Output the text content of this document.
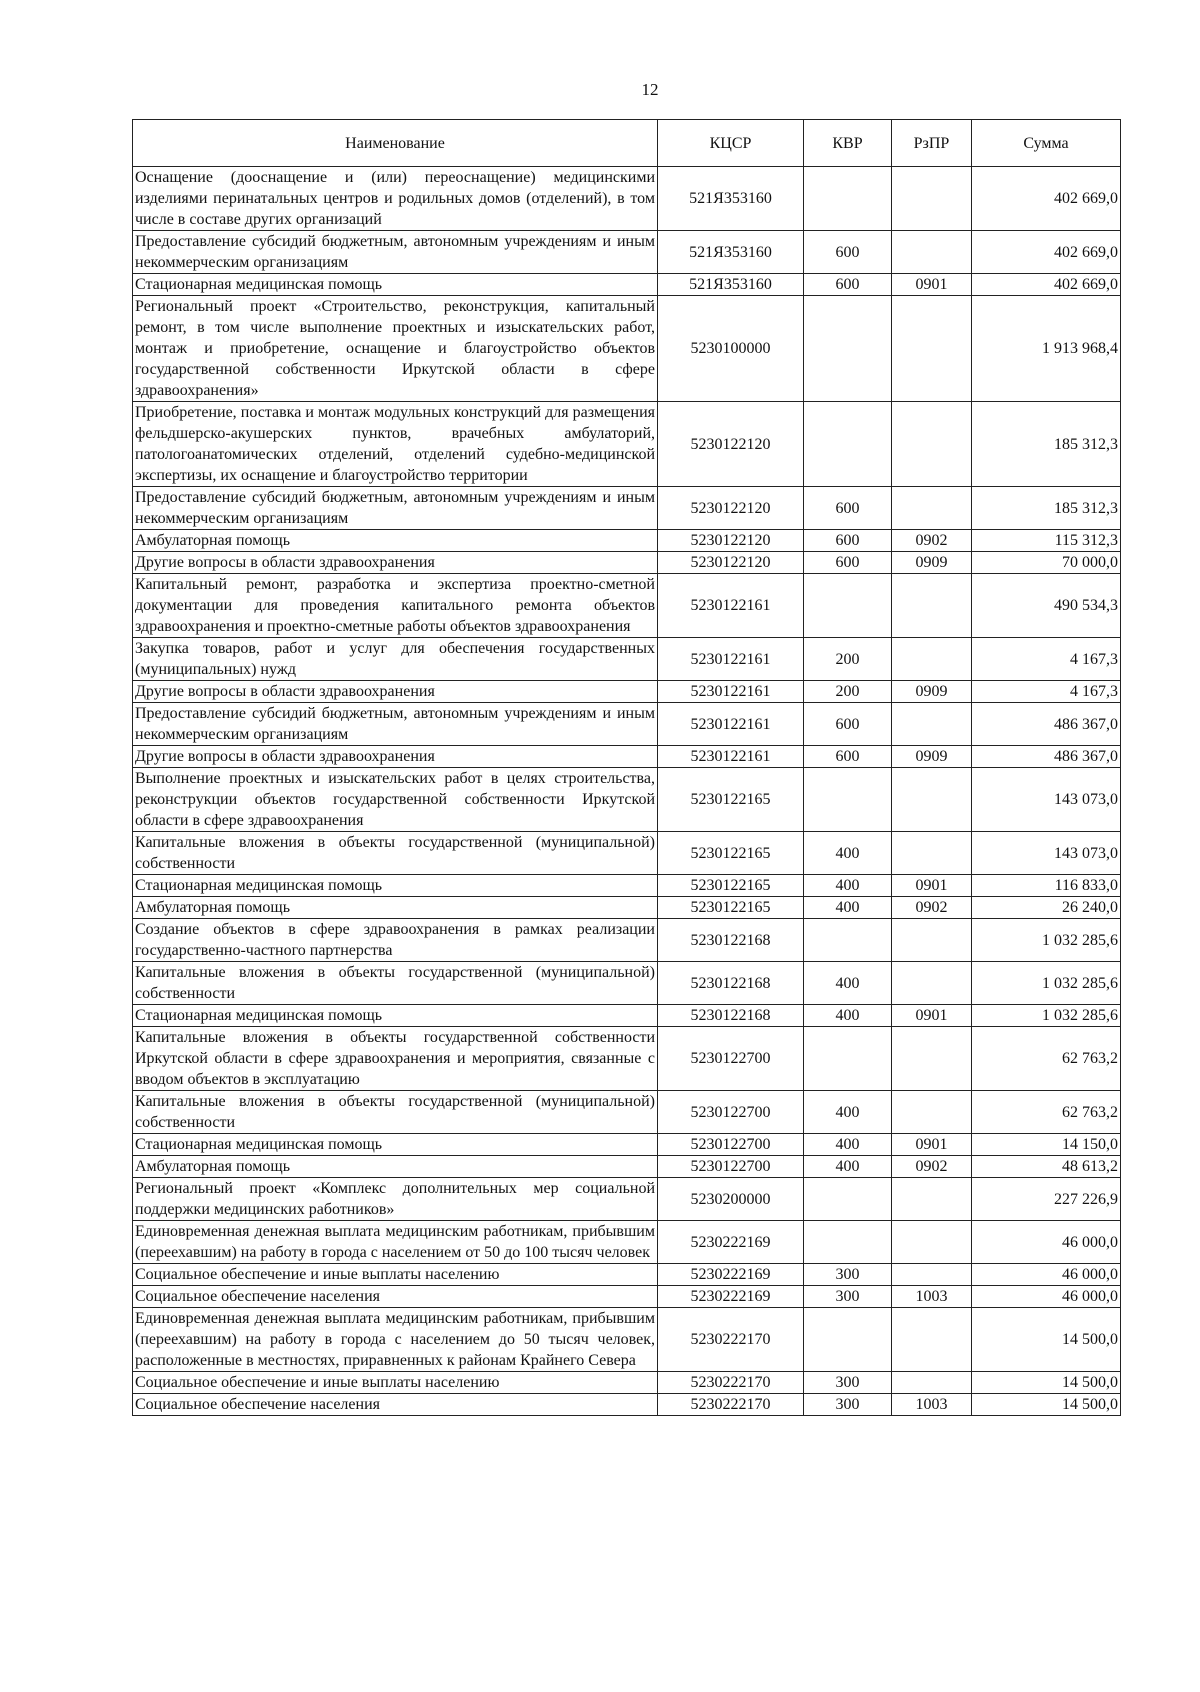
12
Наименование	КЦСР	КВР	РзПР	Сумма
Оснащение (дооснащение и (или) переоснащение) медицинскими изделиями перинатальных центров и родильных домов (отделений), в том числе в составе других организаций	521Я353160			402 669,0
Предоставление субсидий бюджетным, автономным учреждениям и иным некоммерческим организациям	521Я353160	600		402 669,0
Стационарная медицинская помощь	521Я353160	600	0901	402 669,0
Региональный проект «Строительство, реконструкция, капитальный ремонт, в том числе выполнение проектных и изыскательских работ, монтаж и приобретение, оснащение и благоустройство объектов государственной собственности Иркутской области в сфере здравоохранения»	5230100000			1 913 968,4
Приобретение, поставка и монтаж модульных конструкций для размещения фельдшерско-акушерских пунктов, врачебных амбулаторий, патологоанатомических отделений, отделений судебно-медицинской экспертизы, их оснащение и благоустройство территории	5230122120			185 312,3
Предоставление субсидий бюджетным, автономным учреждениям и иным некоммерческим организациям	5230122120	600		185 312,3
Амбулаторная помощь	5230122120	600	0902	115 312,3
Другие вопросы в области здравоохранения	5230122120	600	0909	70 000,0
Капитальный ремонт, разработка и экспертиза проектно-сметной документации для проведения капитального ремонта объектов здравоохранения и проектно-сметные работы объектов здравоохранения	5230122161			490 534,3
Закупка товаров, работ и услуг для обеспечения государственных (муниципальных) нужд	5230122161	200		4 167,3
Другие вопросы в области здравоохранения	5230122161	200	0909	4 167,3
Предоставление субсидий бюджетным, автономным учреждениям и иным некоммерческим организациям	5230122161	600		486 367,0
Другие вопросы в области здравоохранения	5230122161	600	0909	486 367,0
Выполнение проектных и изыскательских работ в целях строительства, реконструкции объектов государственной собственности Иркутской области в сфере здравоохранения	5230122165			143 073,0
Капитальные вложения в объекты государственной (муниципальной) собственности	5230122165	400		143 073,0
Стационарная медицинская помощь	5230122165	400	0901	116 833,0
Амбулаторная помощь	5230122165	400	0902	26 240,0
Создание объектов в сфере здравоохранения в рамках реализации государственно-частного партнерства	5230122168			1 032 285,6
Капитальные вложения в объекты государственной (муниципальной) собственности	5230122168	400		1 032 285,6
Стационарная медицинская помощь	5230122168	400	0901	1 032 285,6
Капитальные вложения в объекты государственной собственности Иркутской области в сфере здравоохранения и мероприятия, связанные с вводом объектов в эксплуатацию	5230122700			62 763,2
Капитальные вложения в объекты государственной (муниципальной) собственности	5230122700	400		62 763,2
Стационарная медицинская помощь	5230122700	400	0901	14 150,0
Амбулаторная помощь	5230122700	400	0902	48 613,2
Региональный проект «Комплекс дополнительных мер социальной поддержки медицинских работников»	5230200000			227 226,9
Единовременная денежная выплата медицинским работникам, прибывшим (переехавшим) на работу в города с населением от 50 до 100 тысяч человек	5230222169			46 000,0
Социальное обеспечение и иные выплаты населению	5230222169	300		46 000,0
Социальное обеспечение населения	5230222169	300	1003	46 000,0
Единовременная денежная выплата медицинским работникам, прибывшим (переехавшим) на работу в города с населением до 50 тысяч человек, расположенные в местностях, приравненных к районам Крайнего Севера	5230222170			14 500,0
Социальное обеспечение и иные выплаты населению	5230222170	300		14 500,0
Социальное обеспечение населения	5230222170	300	1003	14 500,0
